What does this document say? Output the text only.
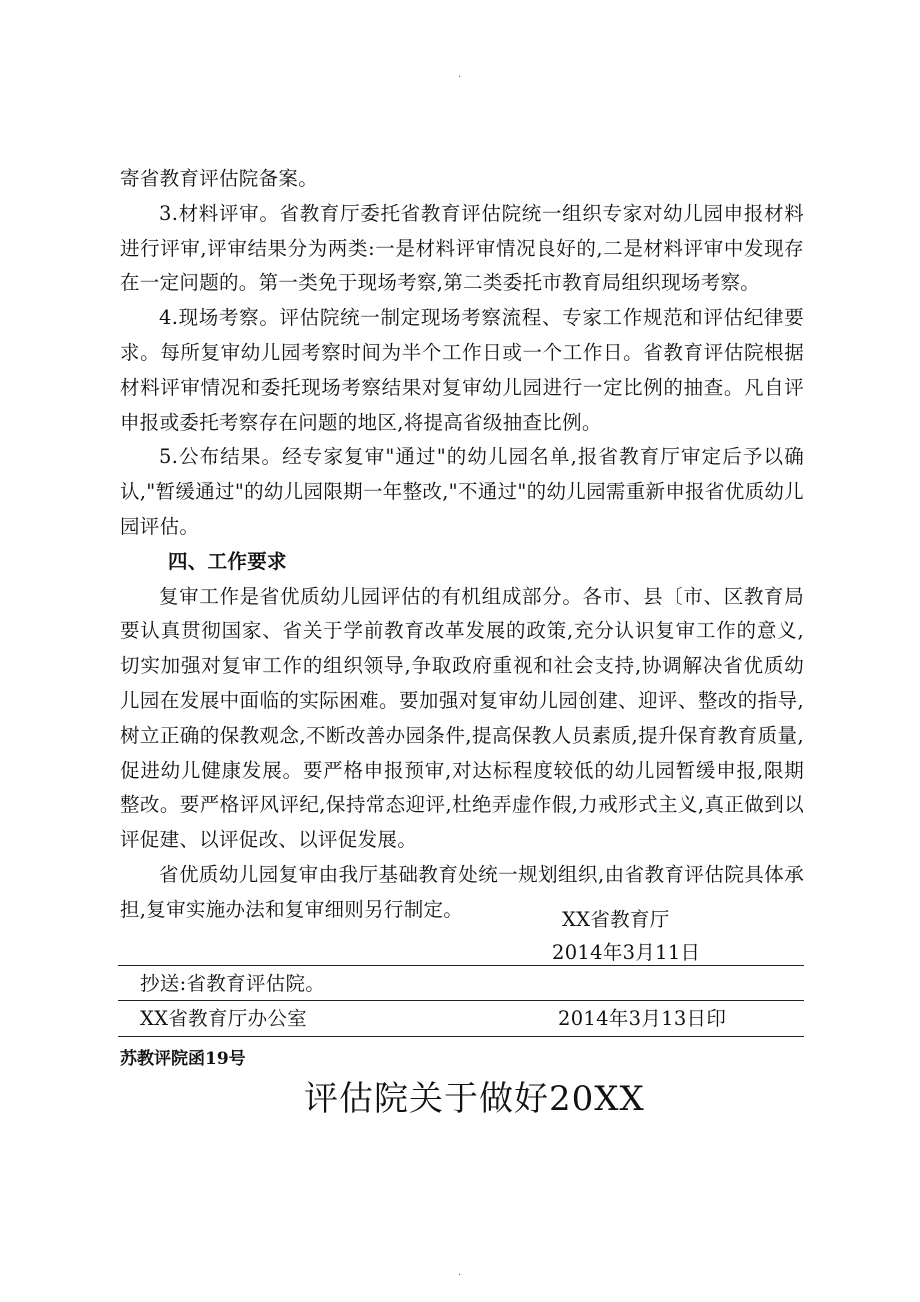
.

寄省教育评估院备案。

3.材料评审。省教育厅委托省教育评估院统一组织专家对幼儿园申报材料进行评审,评审结果分为两类:一是材料评审情况良好的,二是材料评审中发现存在一定问题的。第一类免于现场考察,第二类委托市教育局组织现场考察。

4.现场考察。评估院统一制定现场考察流程、专家工作规范和评估纪律要求。每所复审幼儿园考察时间为半个工作日或一个工作日。省教育评估院根据材料评审情况和委托现场考察结果对复审幼儿园进行一定比例的抽查。凡自评申报或委托考察存在问题的地区,将提高省级抽查比例。

5.公布结果。经专家复审"通过"的幼儿园名单,报省教育厅审定后予以确认,"暂缓通过"的幼儿园限期一年整改,"不通过"的幼儿园需重新申报省优质幼儿园评估。

四、工作要求

复审工作是省优质幼儿园评估的有机组成部分。各市、县〔市、区教育局要认真贯彻国家、省关于学前教育改革发展的政策,充分认识复审工作的意义,切实加强对复审工作的组织领导,争取政府重视和社会支持,协调解决省优质幼儿园在发展中面临的实际困难。要加强对复审幼儿园创建、迎评、整改的指导,树立正确的保教观念,不断改善办园条件,提高保教人员素质,提升保育教育质量,促进幼儿健康发展。要严格申报预审,对达标程度较低的幼儿园暂缓申报,限期整改。要严格评风评纪,保持常态迎评,杜绝弄虚作假,力戒形式主义,真正做到以评促建、以评促改、以评促发展。

省优质幼儿园复审由我厅基础教育处统一规划组织,由省教育评估院具体承担,复审实施办法和复审细则另行制定。	XX省教育厅
2014年3月11日
抄送:省教育评估院。
XX省教育厅办公室	2014年3月13日印
苏教评院函19号
评估院关于做好20XX
.
